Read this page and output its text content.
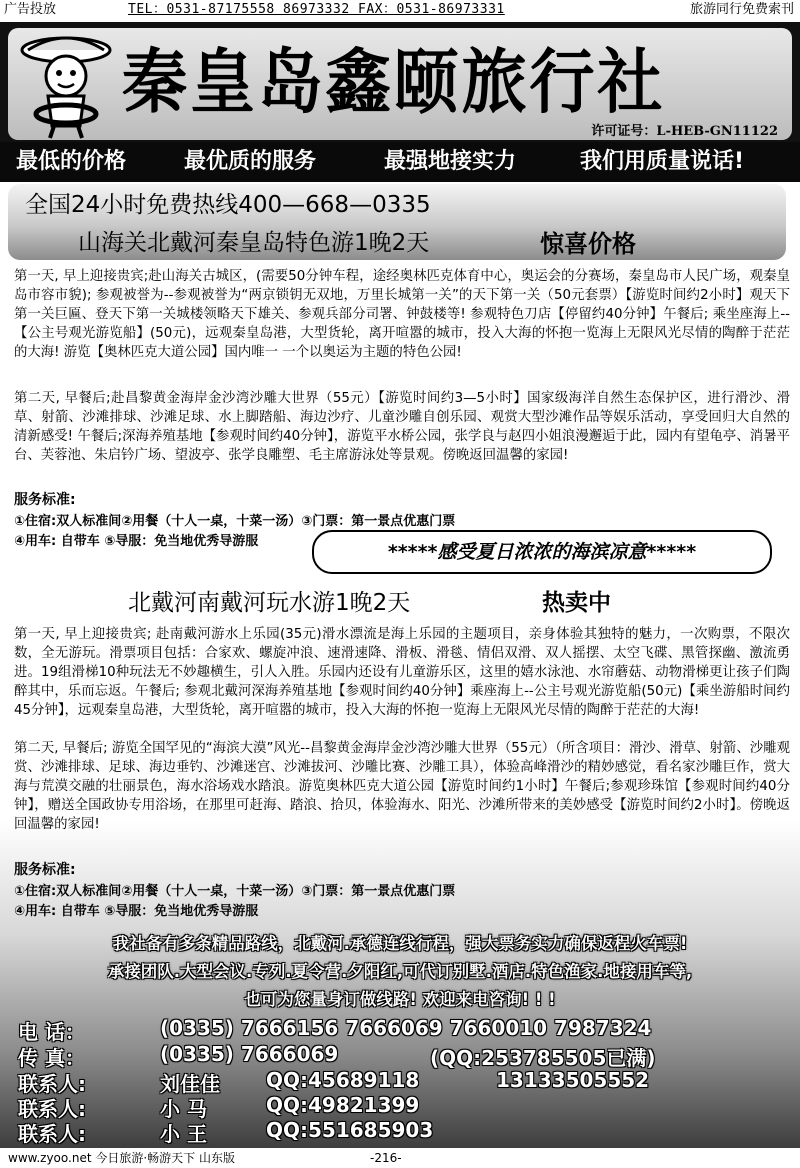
广告投放	TEL：0531-87175558 86973332 FAX：0531-86973331	旅游同行免费索刊
秦皇岛鑫颐旅行社
许可证号：L-HEB-GN11122
最低的价格	最优质的服务	最强地接实力	我们用质量说话!
全国24小时免费热线400—668—0335
山海关北戴河秦皇岛特色游1晚2天	惊喜价格
第一天, 早上迎接贵宾;赴山海关古城区，(需要50分钟车程，途经奥林匹克体育中心，奥运会的分赛场，秦皇岛市人民广场，观秦皇岛市容市貌); 参观被誉为--参观被誉为“两京锁钥无双地，万里长城第一关”的天下第一关（50元套票）【游览时间约2小时】观天下第一关巨匾、登天下第一关城楼领略天下雄关、参观兵部分司署、钟鼓楼等! 参观特色刀店【停留约40分钟】午餐后; 乘坐座海上--【公主号观光游览船】(50元)，远观秦皇岛港，大型货轮，离开喧嚣的城市，投入大海的怀抱一览海上无限风光尽情的陶醉于茫茫的大海! 游览【奥林匹克大道公园】国内唯一 一个以奥运为主题的特色公园!
第二天, 早餐后;赴昌黎黄金海岸金沙湾沙雕大世界（55元）【游览时间约3—5小时】国家级海洋自然生态保护区，进行滑沙、滑草、射箭、沙滩排球、沙滩足球、水上脚踏船、海边沙疗、儿童沙雕自创乐园、观赏大型沙滩作品等娱乐活动，享受回归大自然的清新感受! 午餐后;深海养殖基地【参观时间约40分钟】，游览平水桥公园，张学良与赵四小姐浪漫邂逅于此，园内有望龟亭、消暑平台、芙蓉池、朱启钤广场、望波亭、张学良雕塑、毛主席游泳处等景观。傍晚返回温馨的家园!
服务标准:
①住宿:双人标准间②用餐（十人一桌，十菜一汤）③门票：第一景点优惠门票
④用车: 自带车 ⑤导服：免当地优秀导游服	*****感受夏日浓浓的海滨凉意*****
北戴河南戴河玩水游1晚2天	热卖中
第一天, 早上迎接贵宾; 赴南戴河游水上乐园(35元)滑水漂流是海上乐园的主题项目，亲身体验其独特的魅力，一次购票，不限次数，全无游玩。滑票项目包括：合家欢、螺旋冲浪、速滑速降、滑板、滑毯、情侣双滑、双人摇摆、太空飞碟、黑管探幽、激流勇进。19组滑梯10种玩法无不妙趣横生，引人入胜。乐园内还设有儿童游乐区，这里的嬉水泳池、水帘蘑菇、动物滑梯更让孩子们陶醉其中，乐而忘返。午餐后; 参观北戴河深海养殖基地【参观时间约40分钟】乘座海上--公主号观光游览船(50元)【乘坐游船时间约45分钟】，远观秦皇岛港，大型货轮，离开喧嚣的城市，投入大海的怀抱一览海上无限风光尽情的陶醉于茫茫的大海!
第二天, 早餐后; 游览全国罕见的“海滨大漠”风光--昌黎黄金海岸金沙湾沙雕大世界（55元）（所含项目：滑沙、滑草、射箭、沙雕观赏、沙滩排球、足球、海边垂钓、沙滩迷宫、沙滩拔河、沙雕比赛、沙雕工具），体验高峰滑沙的精妙感觉，看名家沙雕巨作，赏大海与荒漠交融的壮丽景色，海水浴场戏水踏浪。游览奥林匹克大道公园【游览时间约1小时】午餐后;参观珍珠馆【参观时间约40分钟】，赠送全国政协专用浴场，在那里可赶海、踏浪、拾贝，体验海水、阳光、沙滩所带来的美妙感受【游览时间约2小时】。傍晚返回温馨的家园!
服务标准:
①住宿:双人标准间②用餐（十人一桌，十菜一汤）③门票：第一景点优惠门票
④用车: 自带车 ⑤导服：免当地优秀导游服
我社备有多条精品路线，北戴河.承德连线行程，强大票务实力确保返程火车票!
承接团队.大型会议.专列.夏令营.夕阳红,可代订别墅.酒店.特色渔家.地接用车等,
也可为您量身订做线路! 欢迎来电咨询! ! !
电 话：	(0335) 7666156 7666069 7660010 7987324
传 真：	(0335) 7666069	(QQ:253785505已满)
联系人:	刘佳佳 QQ:45689118	13133505552
联系人:	小 马	QQ:49821399
联系人:	小 王	QQ:551685903
www.zyoo.net 今日旅游·畅游天下 山东版	-216-
